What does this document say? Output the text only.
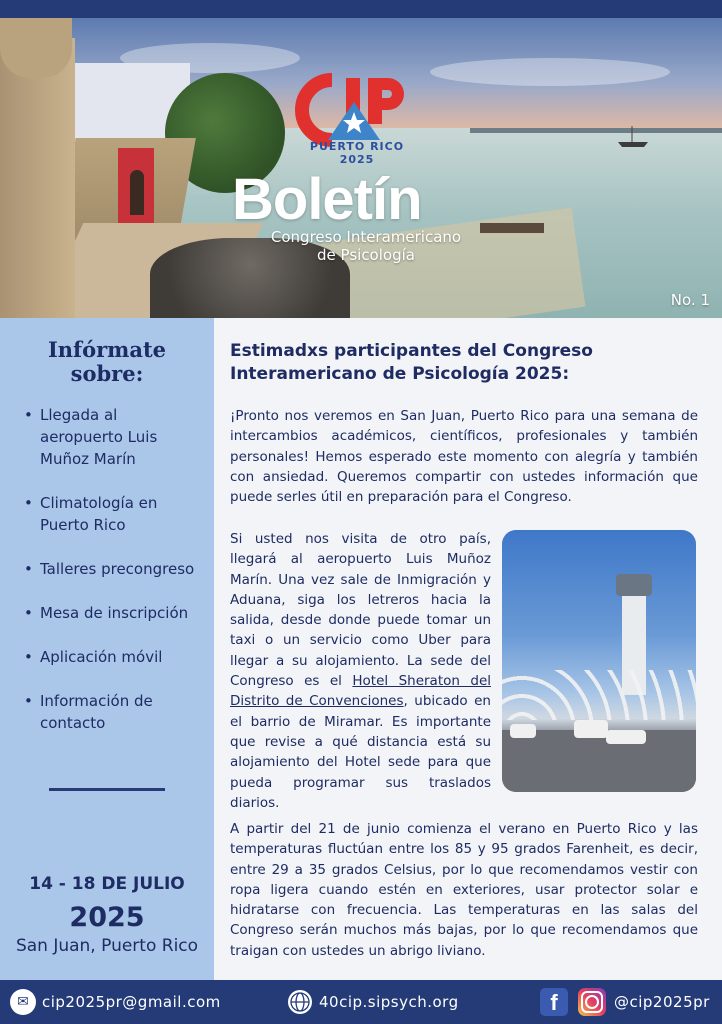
PUERTO RICO 2025
Boletín
Congreso Interamericano
de Psicología
No. 1
Infórmate
sobre:
• Llegada al aeropuerto Luis Muñoz Marín
• Climatología en Puerto Rico
• Talleres precongreso
• Mesa de inscripción
• Aplicación móvil
• Información de contacto
14 - 18 DE JULIO
2025
San Juan, Puerto Rico
Estimadxs participantes del Congreso Interamericano de Psicología 2025:

¡Pronto nos veremos en San Juan, Puerto Rico para una semana de intercambios académicos, científicos, profesionales y también personales! Hemos esperado este momento con alegría y también con ansiedad. Queremos compartir con ustedes información que puede serles útil en preparación para el Congreso.

Si usted nos visita de otro país, llegará al aeropuerto Luis Muñoz Marín. Una vez sale de Inmigración y Aduana, siga los letreros hacia la salida, desde donde puede tomar un taxi o un servicio como Uber para llegar a su alojamiento. La sede del Congreso es el Hotel Sheraton del Distrito de Convenciones, ubicado en el barrio de Miramar. Es importante que revise a qué distancia está su alojamiento del Hotel sede para que pueda programar sus traslados diarios.

A partir del 21 de junio comienza el verano en Puerto Rico y las temperaturas fluctúan entre los 85 y 95 grados Farenheit, es decir, entre 29 a 35 grados Celsius, por lo que recomendamos vestir con ropa ligera cuando estén en exteriores, usar protector solar e hidratarse con frecuencia. Las temperaturas en las salas del Congreso serán muchos más bajas, por lo que recomendamos que traigan con ustedes un abrigo liviano.

✉ cip2025pr@gmail.com	40cip.sipsych.org	f	@cip2025pr
